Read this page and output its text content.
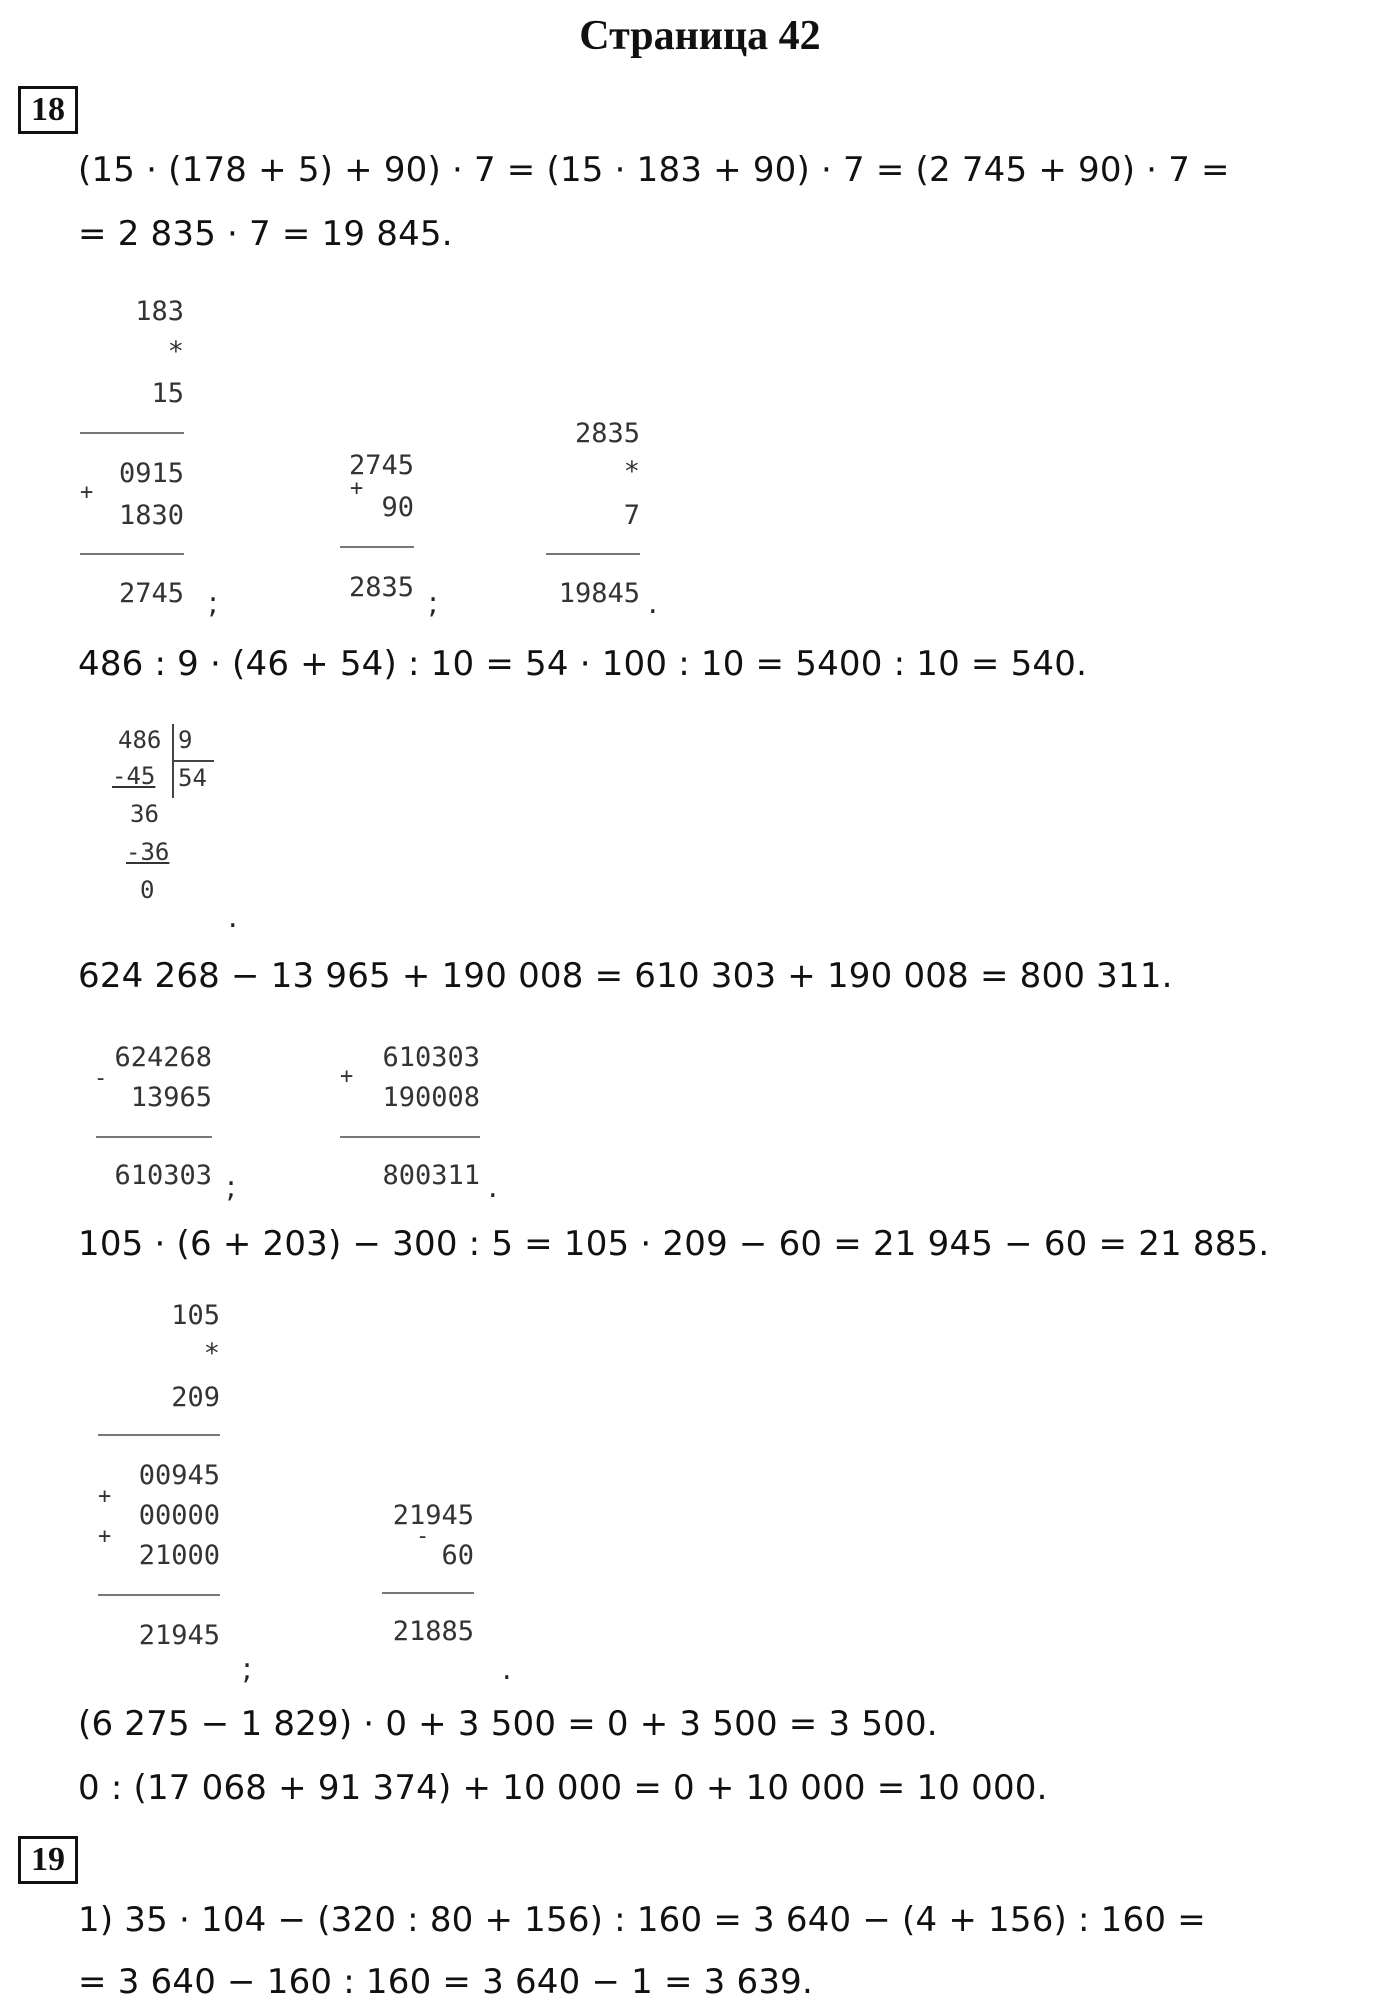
Страница 42
18
(15 · (178 + 5) + 90) · 7 = (15 · 183 + 90) · 7 = (2 745 + 90) · 7 =
= 2 835 · 7 = 19 845.
183
*
15
+
0915
1830
2745 ;
2745
+
90
2835 ;
2835
*
7
19845 .
486 : 9 · (46 + 54) : 10 = 54 · 100 : 10 = 5400 : 10 = 540.
486 9
54
-45
36
-36
0
.
624 268 − 13 965 + 190 008 = 610 303 + 190 008 = 800 311.
624268
-
13965
610303 ;
610303
+
190008
800311 .
105 · (6 + 203) − 300 : 5 = 105 · 209 − 60 = 21 945 − 60 = 21 885.
105
*
209
00945
+
00000
+
21000
21945
;
21945
-
60
21885
.
(6 275 − 1 829) · 0 + 3 500 = 0 + 3 500 = 3 500.
0 : (17 068 + 91 374) + 10 000 = 0 + 10 000 = 10 000.
19
1) 35 · 104 − (320 : 80 + 156) : 160 = 3 640 − (4 + 156) : 160 =
= 3 640 − 160 : 160 = 3 640 − 1 = 3 639.
